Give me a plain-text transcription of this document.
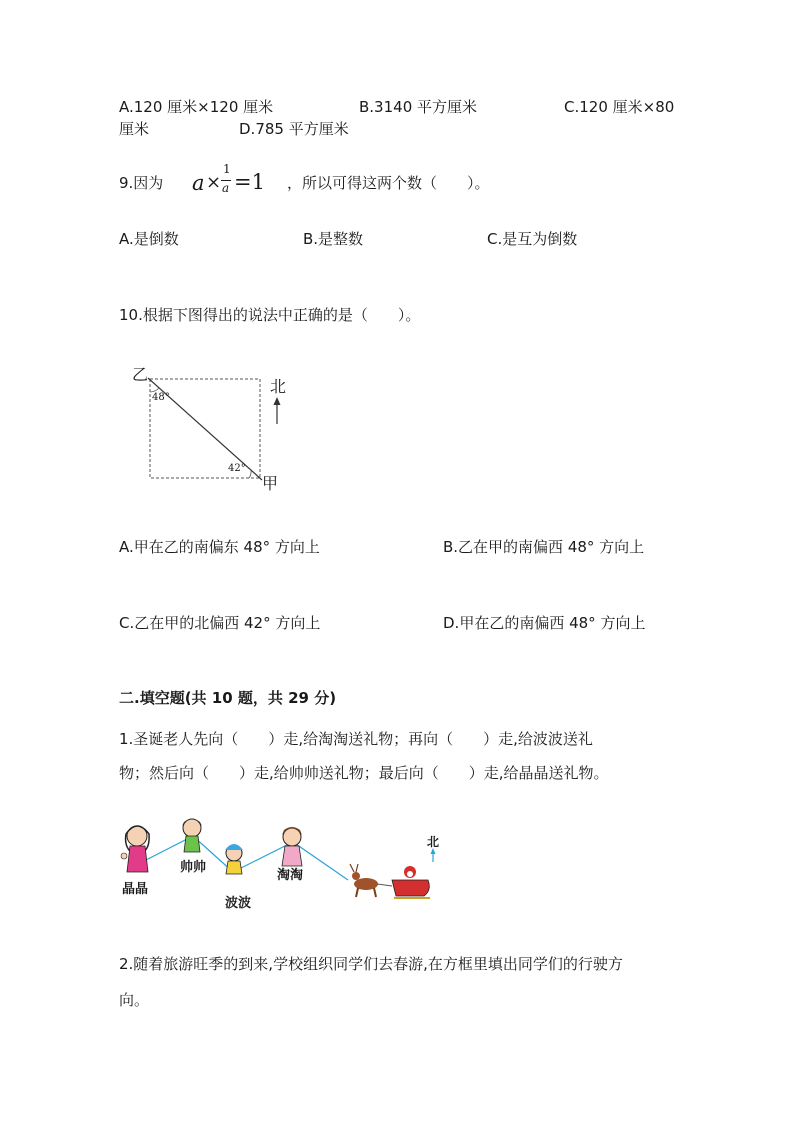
A.120 厘米×120 厘米	B.3140 平方厘米	C.120 厘米×80
厘米	D.785 平方厘米
9.因为 a ×
1
a =1 ，所以可得这两个数（　　）。
A.是倒数	B.是整数	C.是互为倒数
10.根据下图得出的说法中正确的是（　　）。
乙
48°
42°
甲
北
A.甲在乙的南偏东 48° 方向上	B.乙在甲的南偏西 48° 方向上
C.乙在甲的北偏西 42° 方向上	D.甲在乙的南偏西 48° 方向上
二.填空题(共 10 题，共 29 分)
1.圣诞老人先向（　　）走,给淘淘送礼物；再向（　　）走,给波波送礼
物；然后向（　　）走,给帅帅送礼物；最后向（　　）走,给晶晶送礼物。
晶晶
帅帅
波波
淘淘
北
2.随着旅游旺季的到来,学校组织同学们去春游,在方框里填出同学们的行驶方
向。
